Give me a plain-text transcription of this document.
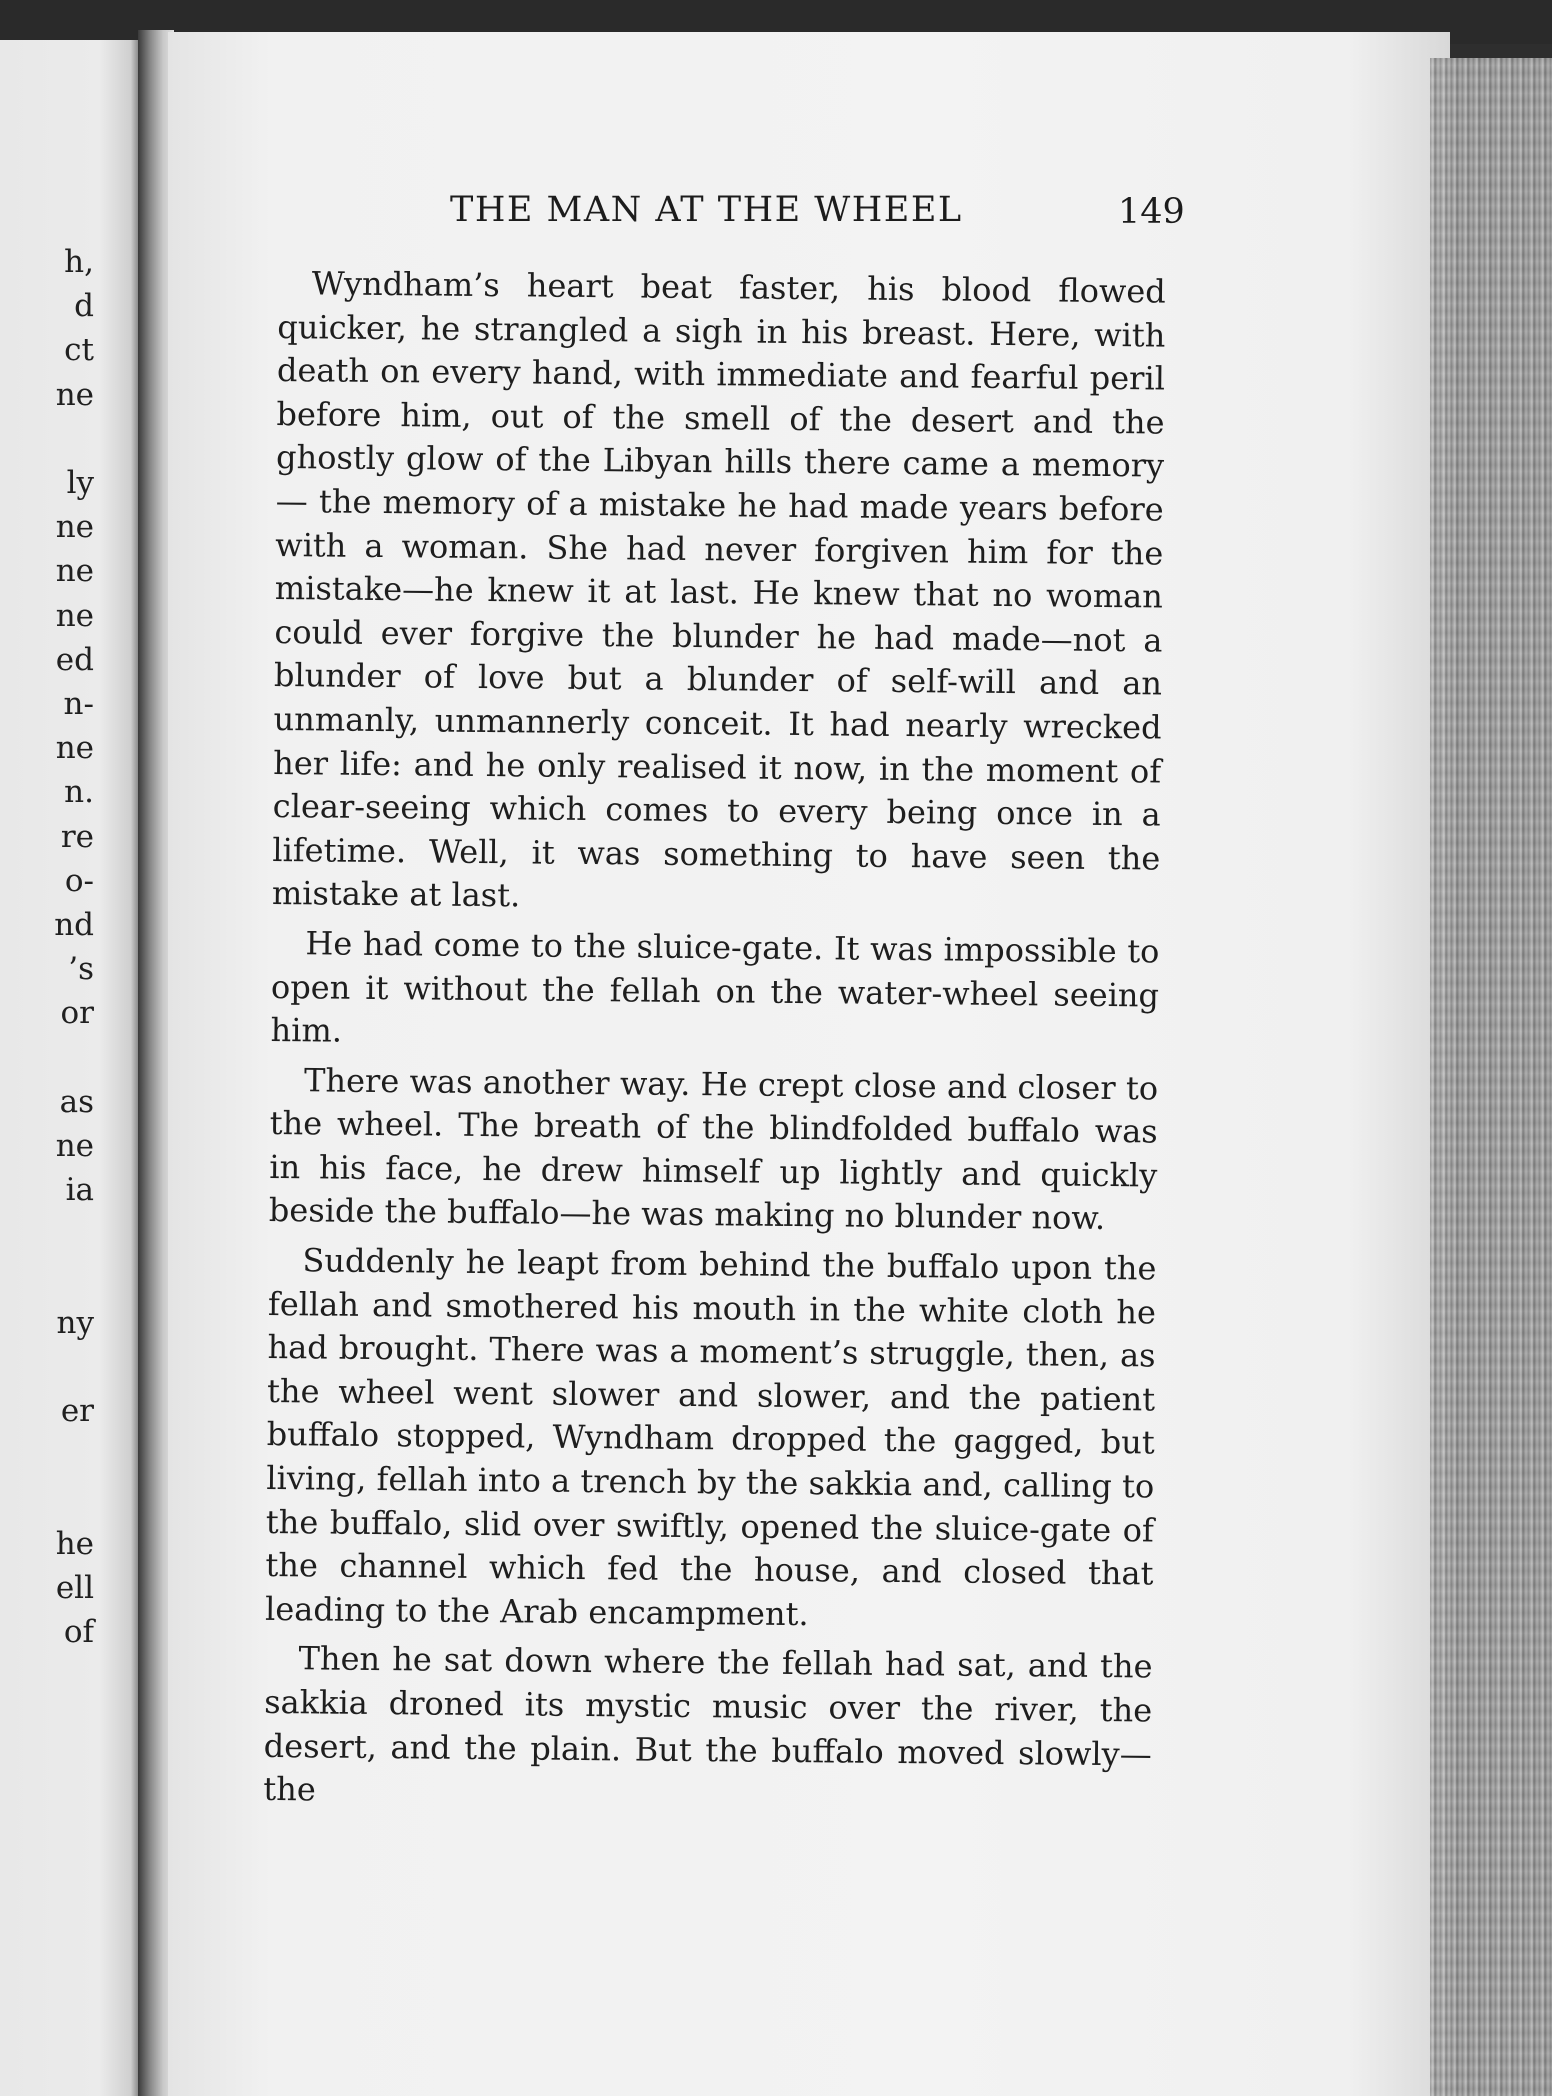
h,
d
ct
ne
ly
ne
ne
ne
ed
n-
ne
n.
re
o-
nd
’s
or
as
ne
ia
ny
er
he
ell
of
THE MAN AT THE WHEEL	149

Wyndham’s heart beat faster, his blood flowed quicker, he strangled a sigh in his breast. Here, with death on every hand, with immediate and fearful peril before him, out of the smell of the desert and the ghostly glow of the Libyan hills there came a memory— the memory of a mistake he had made years before with a woman. She had never forgiven him for the mistake—he knew it at last. He knew that no woman could ever forgive the blunder he had made—not a blunder of love but a blunder of self-will and an unmanly, unmannerly conceit. It had nearly wrecked her life: and he only realised it now, in the moment of clear-seeing which comes to every being once in a lifetime. Well, it was something to have seen the mistake at last.

He had come to the sluice-gate. It was impossible to open it without the fellah on the water-wheel seeing him.

There was another way. He crept close and closer to the wheel. The breath of the blindfolded buffalo was in his face, he drew himself up lightly and quickly beside the buffalo—he was making no blunder now.

Suddenly he leapt from behind the buffalo upon the fellah and smothered his mouth in the white cloth he had brought. There was a moment’s struggle, then, as the wheel went slower and slower, and the patient buffalo stopped, Wyndham dropped the gagged, but living, fellah into a trench by the sakkia and, calling to the buffalo, slid over swiftly, opened the sluice-gate of the channel which fed the house, and closed that leading to the Arab encampment.

Then he sat down where the fellah had sat, and the sakkia droned its mystic music over the river, the desert, and the plain. But the buffalo moved slowly—the
